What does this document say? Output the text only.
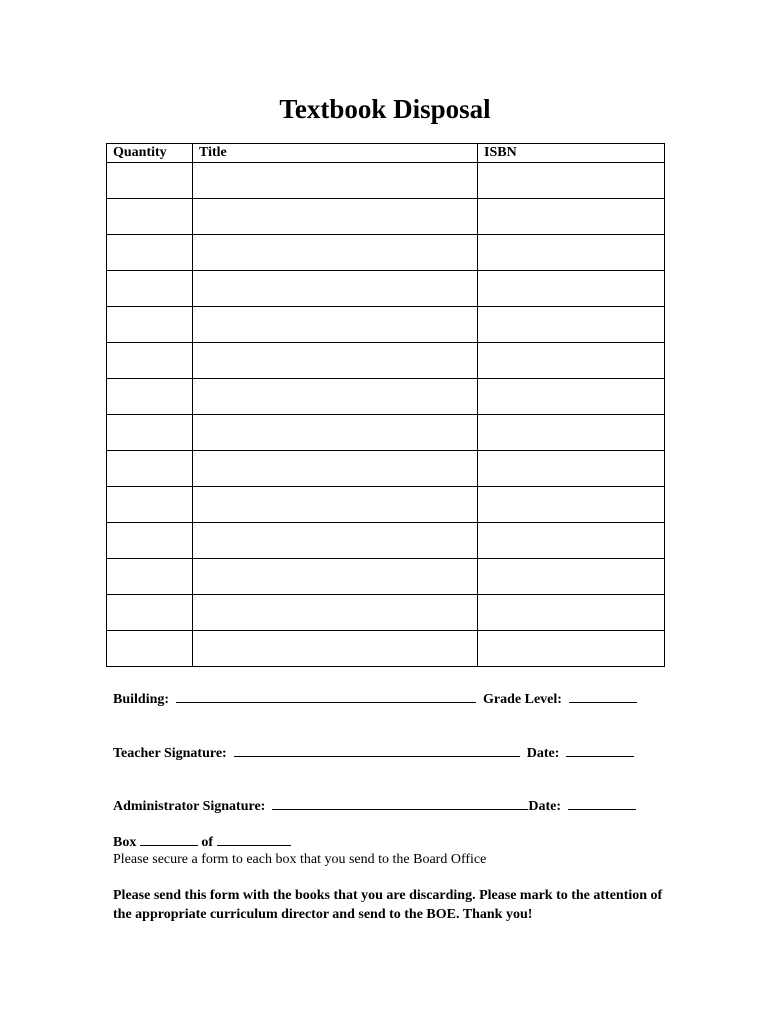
Textbook Disposal
Quantity	Title	ISBN

Building:	Grade Level:
Teacher Signature:	Date:
Administrator Signature:	Date:
Box	of
Please secure a form to each box that you send to the Board Office
Please send this form with the books that you are discarding. Please mark to the attention of the appropriate curriculum director and send to the BOE. Thank you!
